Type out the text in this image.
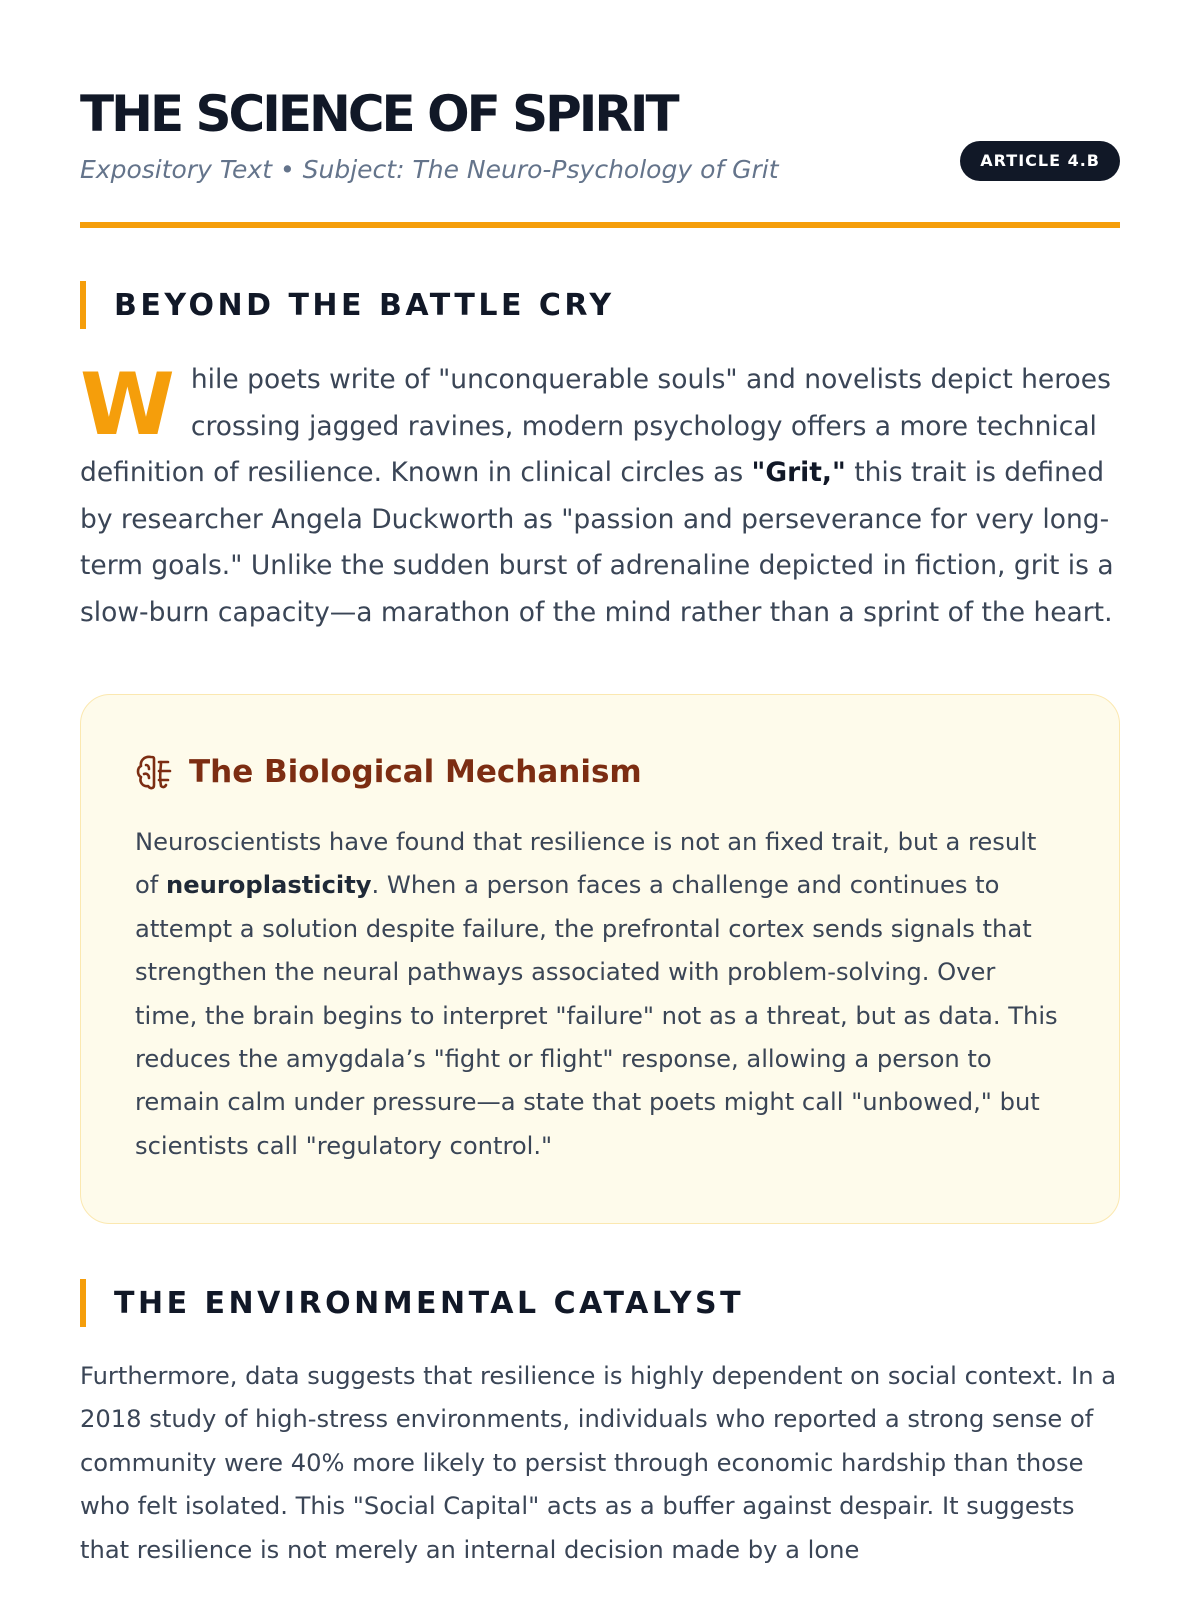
THE SCIENCE OF SPIRIT
Expository Text • Subject: The Neuro-Psychology of Grit	ARTICLE 4.B
BEYOND THE BATTLE CRY

While poets write of "unconquerable souls" and novelists depict heroes crossing jagged ravines, modern psychology offers a more technical definition of resilience. Known in clinical circles as "Grit," this trait is defined by researcher Angela Duckworth as "passion and perseverance for very long-term goals." Unlike the sudden burst of adrenaline depicted in fiction, grit is a slow-burn capacity—a marathon of the mind rather than a sprint of the heart.

The Biological Mechanism

Neuroscientists have found that resilience is not an fixed trait, but a result of neuroplasticity. When a person faces a challenge and continues to attempt a solution despite failure, the prefrontal cortex sends signals that strengthen the neural pathways associated with problem-solving. Over time, the brain begins to interpret "failure" not as a threat, but as data. This reduces the amygdala’s "fight or flight" response, allowing a person to remain calm under pressure—a state that poets might call "unbowed," but scientists call "regulatory control."

THE ENVIRONMENTAL CATALYST

Furthermore, data suggests that resilience is highly dependent on social context. In a 2018 study of high-stress environments, individuals who reported a strong sense of community were 40% more likely to persist through economic hardship than those who felt isolated. This "Social Capital" acts as a buffer against despair. It suggests that resilience is not merely an internal decision made by a lone
